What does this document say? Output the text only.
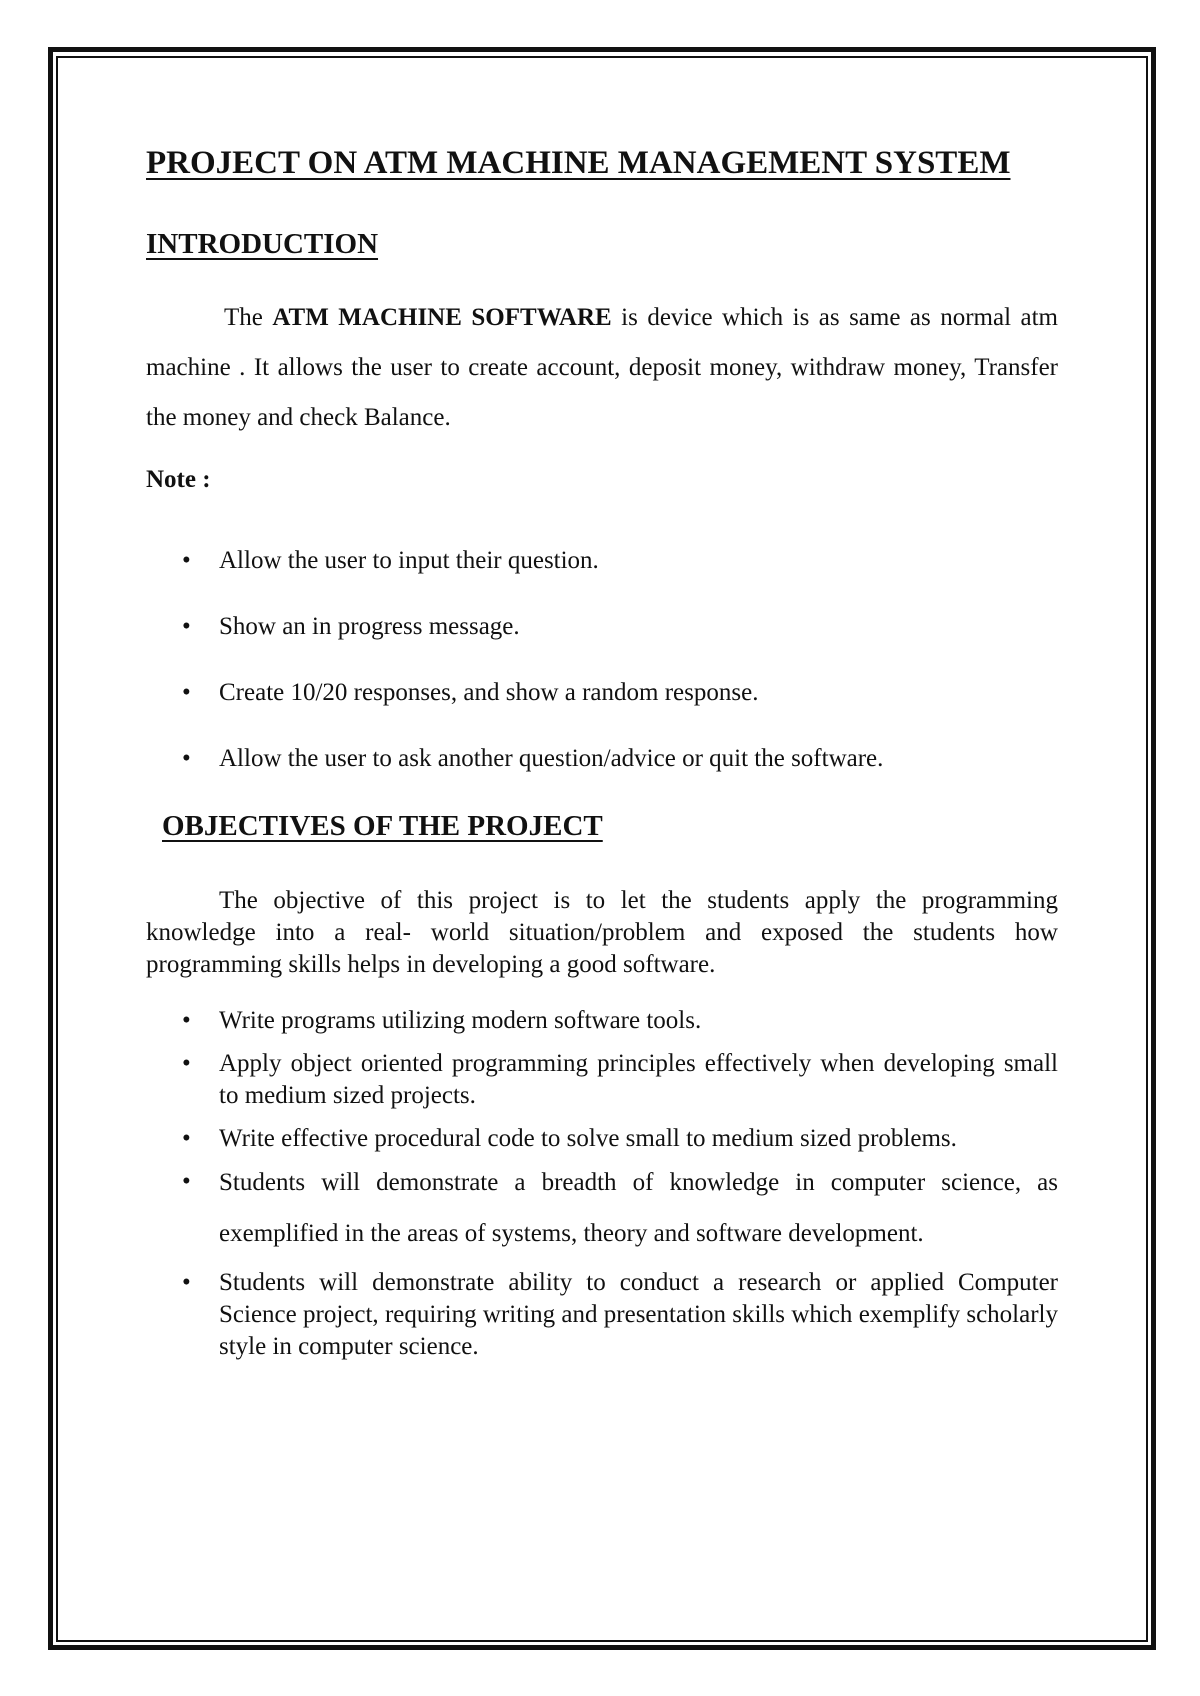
PROJECT ON ATM MACHINE MANAGEMENT SYSTEM
INTRODUCTION
The ATM MACHINE SOFTWARE is device which is as same as normal atm machine . It allows the user to create account, deposit money, withdraw money, Transfer the money and check Balance.
Note :
• Allow the user to input their question.
• Show an in progress message.
• Create 10/20 responses, and show a random response.
• Allow the user to ask another question/advice or quit the software.
OBJECTIVES OF THE PROJECT
The objective of this project is to let the students apply the programming knowledge into a real- world situation/problem and exposed the students how programming skills helps in developing a good software.
• Write programs utilizing modern software tools.
• Apply object oriented programming principles effectively when developing small to medium sized projects.
• Write effective procedural code to solve small to medium sized problems.
• Students will demonstrate a breadth of knowledge in computer science, as exemplified in the areas of systems, theory and software development.
• Students will demonstrate ability to conduct a research or applied Computer Science project, requiring writing and presentation skills which exemplify scholarly style in computer science.
